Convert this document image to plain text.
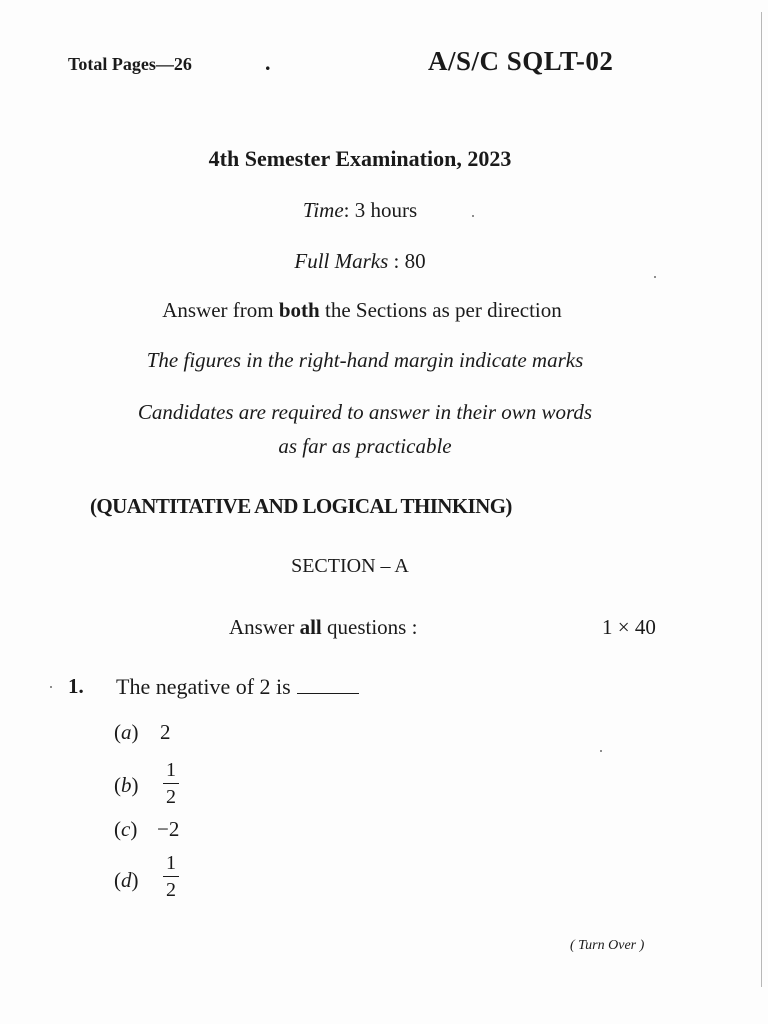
Total Pages—26	.	A/S/C SQLT-02
4th Semester Examination, 2023
Time: 3 hours
Full Marks : 80
Answer from both the Sections as per direction
The figures in the right-hand margin indicate marks
Candidates are required to answer in their own words
as far as practicable
(QUANTITATIVE AND LOGICAL THINKING)
SECTION – A
Answer all questions :	1 × 40
1. The negative of 2 is
(a) 2
(b)
1
2
(c) −2
(d)
1
2
( Turn Over )
